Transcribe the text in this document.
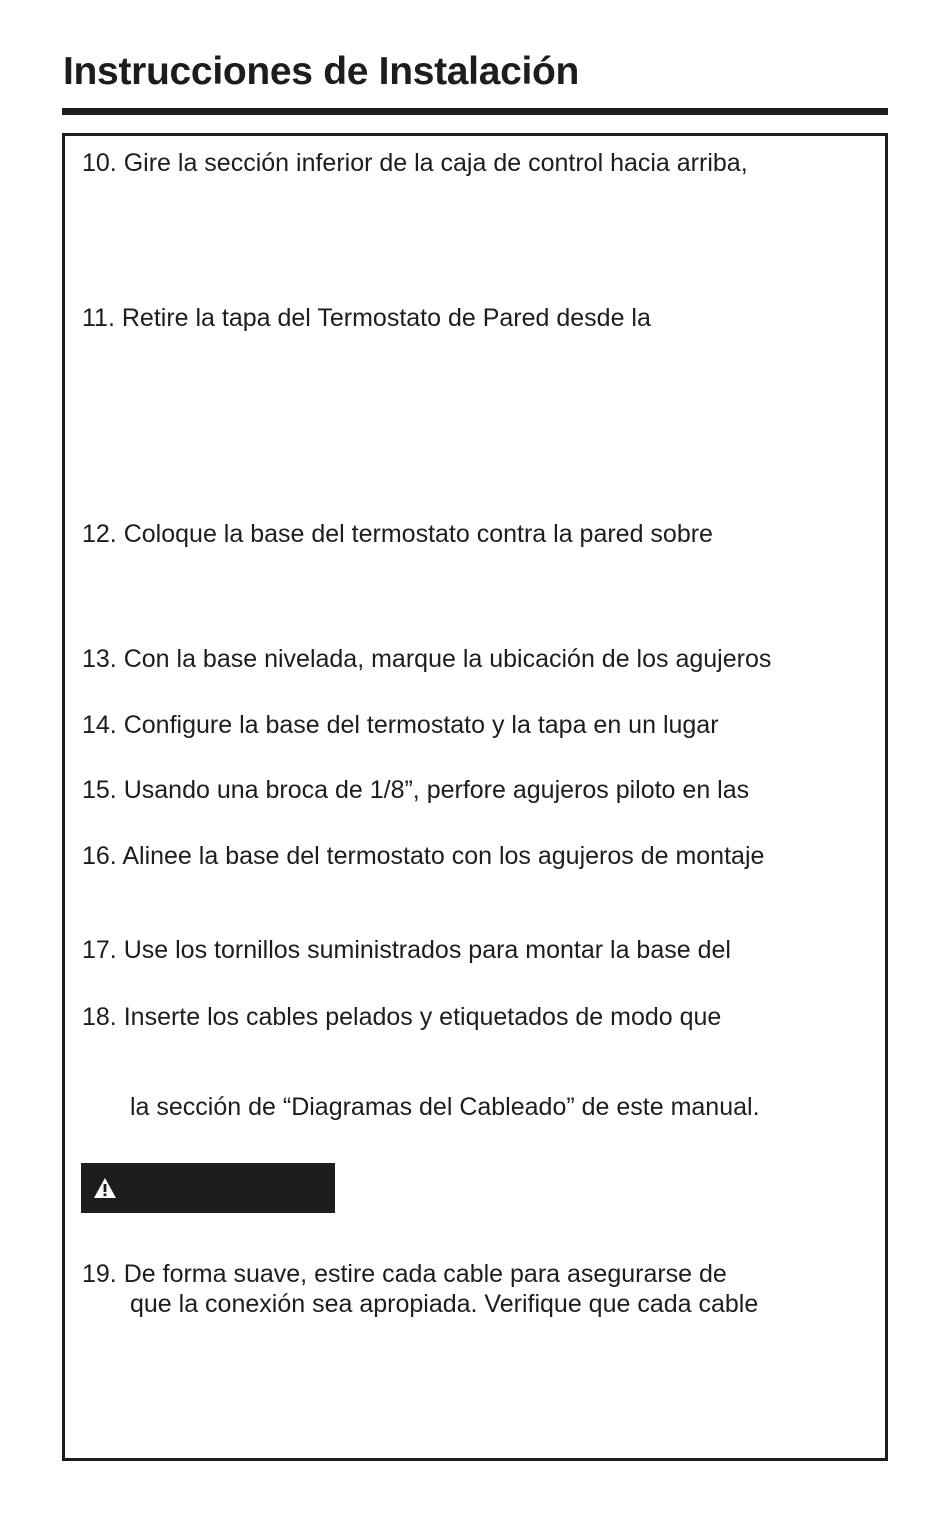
Instrucciones de Instalación
10. Gire la sección inferior de la caja de control hacia arriba,
11. Retire la tapa del Termostato de Pared desde la
12. Coloque la base del termostato contra la pared sobre
13. Con la base nivelada, marque la ubicación de los agujeros
14. Configure la base del termostato y la tapa en un lugar
15. Usando una broca de 1/8”, perfore agujeros piloto en las
16. Alinee la base del termostato con los agujeros de montaje
17. Use los tornillos suministrados para montar la base del
18. Inserte los cables pelados y etiquetados de modo que
la sección de “Diagramas del Cableado” de este manual.
19. De forma suave, estire cada cable para asegurarse de
que la conexión sea apropiada. Verifique que cada cable
